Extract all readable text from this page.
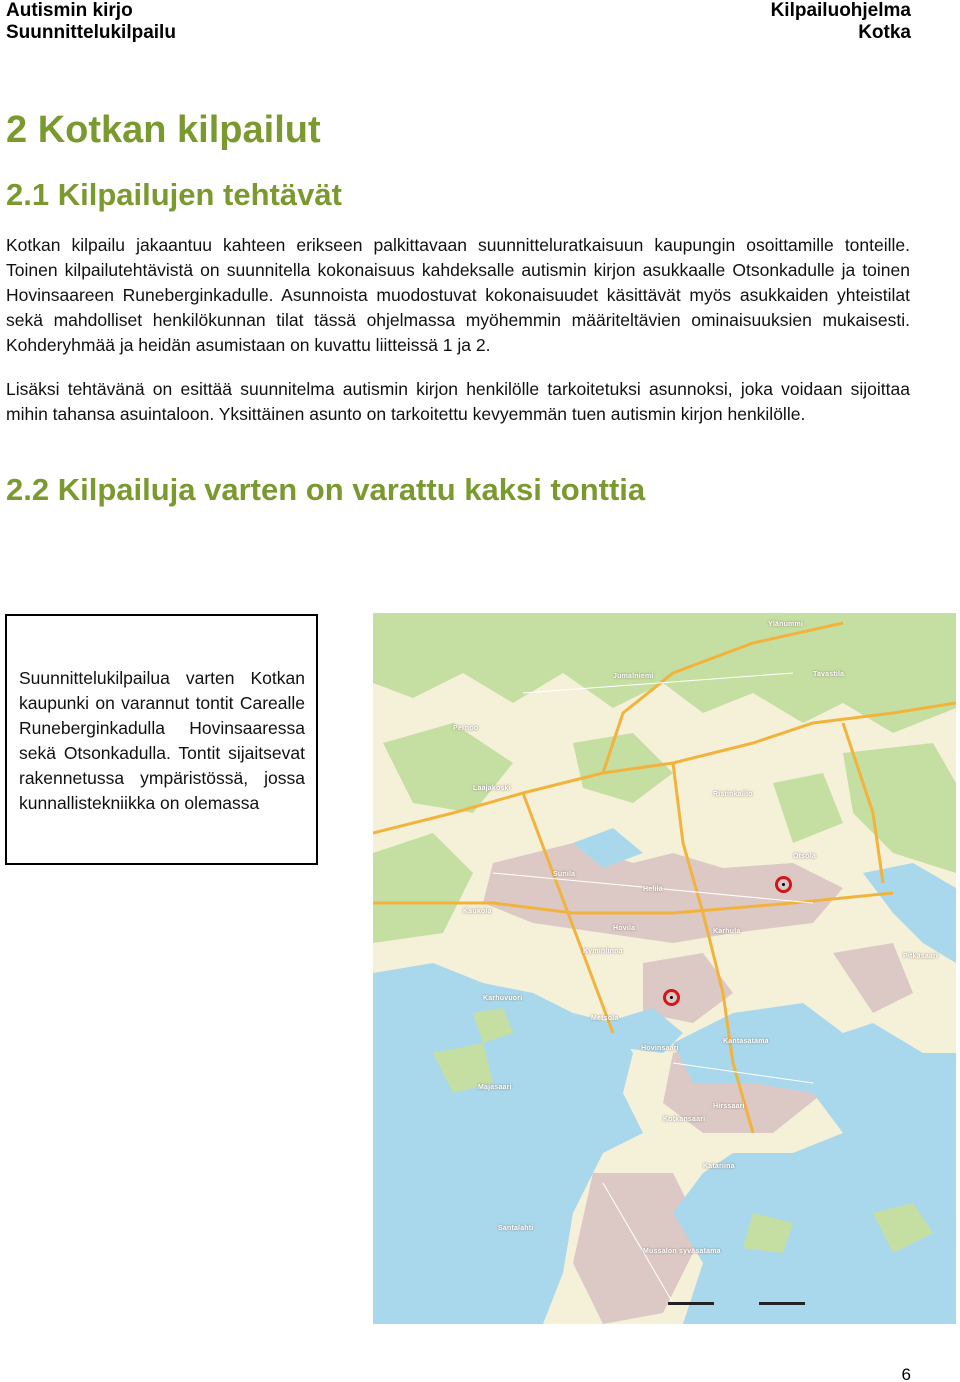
Autismin kirjo
Suunnittelukilpailu
Kilpailuohjelma
Kotka
2 Kotkan kilpailut
2.1 Kilpailujen tehtävät

Kotkan kilpailu jakaantuu kahteen erikseen palkittavaan suunnitteluratkaisuun kaupungin osoittamille tonteille. Toinen kilpailutehtävistä on suunnitella kokonaisuus kahdeksalle autismin kirjon asukkaalle Otsonkadulle ja toinen Hovinsaareen Runeberginkadulle. Asunnoista muodostuvat kokonaisuudet käsittävät myös asukkaiden yhteistilat sekä mahdolliset henkilökunnan tilat tässä ohjelmassa myöhemmin määriteltävien ominaisuuksien mukaisesti. Kohderyhmää ja heidän asumistaan on kuvattu liitteissä 1 ja 2.

Lisäksi tehtävänä on esittää suunnitelma autismin kirjon henkilölle tarkoitetuksi asunnoksi, joka voidaan sijoittaa mihin tahansa asuintaloon. Yksittäinen asunto on tarkoitettu kevyemmän tuen autismin kirjon henkilölle.

2.2 Kilpailuja varten on varattu kaksi tonttia

Suunnittelukilpailua varten Kotkan kaupunki on varannut tontit Carealle Runeberginkadulla Hovinsaaressa sekä Otsonkadulla. Tontit sijaitsevat rakennetussa ympäristössä, jossa kunnallistekniikka on olemassa

Ylänummi
Tavastila
Jumalniemi
Pernoo
Laajakoski
Sunila
Otsola
Helilä
Kaukola
Hovila	Karhula
Kyminlinna
Karhuvuori
Metsola
Hovinsaari
Kantasatama
Hirssaari
Kotkansaari
Katariina
Santalahti
Mussalon syväsatama
Majasaari
Pitkäsaari
Ristinkallio
6
